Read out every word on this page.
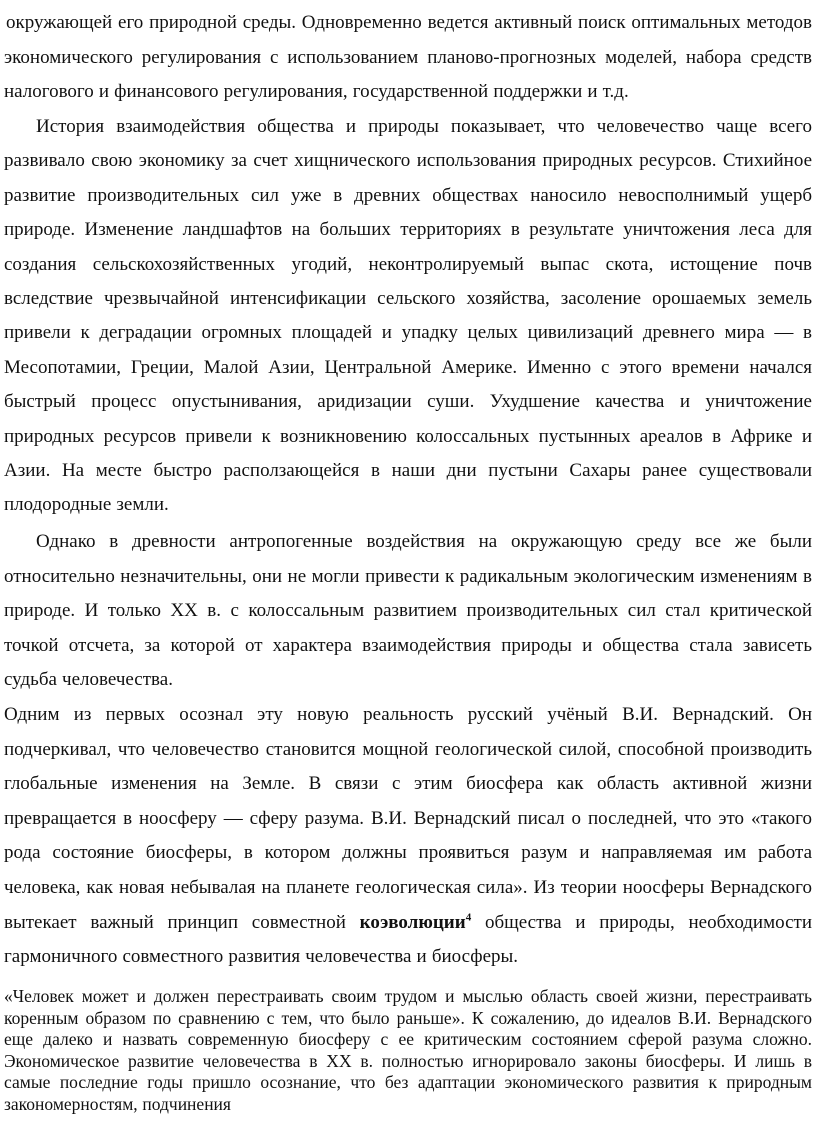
окружающей его природной среды. Одновременно ведется активный поиск оптимальных методов экономического регулирования с использованием планово-прогнозных моделей, набора средств налогового и финансового регулирования, государственной поддержки и т.д.

История взаимодействия общества и природы показывает, что человечество чаще всего развивало свою экономику за счет хищнического использования природных ресурсов. Стихийное развитие производительных сил уже в древних обществах наносило невосполнимый ущерб природе. Изменение ландшафтов на больших территориях в результате уничтожения леса для создания сельскохозяйственных угодий, неконтролируемый выпас скота, истощение почв вследствие чрезвычайной интенсификации сельского хозяйства, засоление орошаемых земель привели к деградации огромных площадей и упадку целых цивилизаций древнего мира — в Месопотамии, Греции, Малой Азии, Центральной Америке. Именно с этого времени начался быстрый процесс опустынивания, аридизации суши. Ухудшение качества и уничтожение природных ресурсов привели к возникновению колоссальных пустынных ареалов в Африке и Азии. На месте быстро расползающейся в наши дни пустыни Сахары ранее существовали плодородные земли.

Однако в древности антропогенные воздействия на окружающую среду все же были относительно незначительны, они не могли привести к радикальным экологическим изменениям в природе. И только XX в. с колоссальным развитием производительных сил стал критической точкой отсчета, за которой от характера взаимодействия природы и общества стала зависеть судьба человечества.

Одним из первых осознал эту новую реальность русский учёный В.И. Вернадский. Он подчеркивал, что человечество становится мощной геологической силой, способной производить глобальные изменения на Земле. В связи с этим биосфера как область активной жизни превращается в ноосферу — сферу разума. В.И. Вернадский писал о последней, что это «такого рода состояние биосферы, в котором должны проявиться разум и направляемая им работа человека, как новая небывалая на планете геологическая сила». Из теории ноосферы Вернадского вытекает важный принцип совместной коэволюции$^4$ общества и природы, необходимости гармоничного совместного развития человечества и биосферы.

«Человек может и должен перестраивать своим трудом и мыслью область своей жизни, перестраивать коренным образом по сравнению с тем, что было раньше». К сожалению, до идеалов В.И. Вернадского еще далеко и назвать современную биосферу с ее критическим состоянием сферой разума сложно. Экономическое развитие человечества в XX в. полностью игнорировало законы биосферы. И лишь в самые последние годы пришло осознание, что без адаптации экономического развития к природным закономерностям, подчинения
